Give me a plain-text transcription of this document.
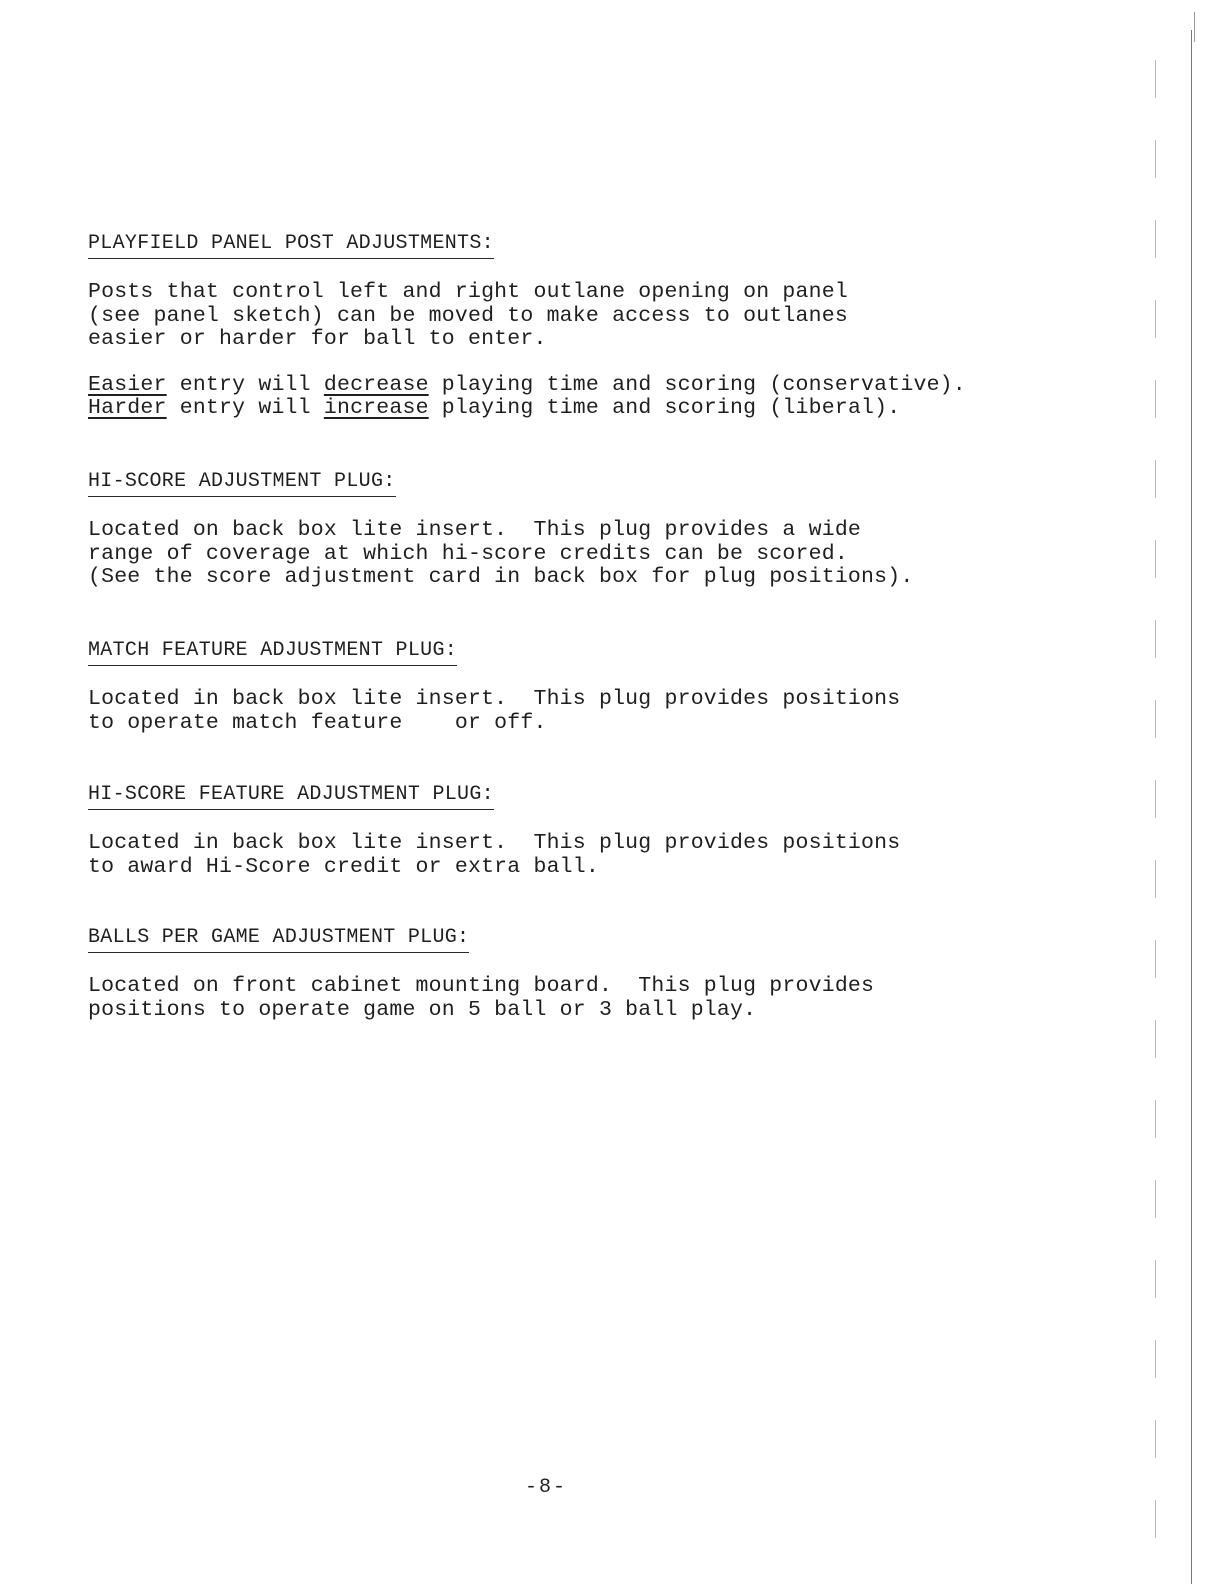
PLAYFIELD PANEL POST ADJUSTMENTS:
Posts that control left and right outlane opening on panel
(see panel sketch) can be moved to make access to outlanes
easier or harder for ball to enter.
Easier entry will decrease playing time and scoring (conservative).
Harder entry will increase playing time and scoring (liberal).
HI-SCORE ADJUSTMENT PLUG:
Located on back box lite insert.  This plug provides a wide
range of coverage at which hi-score credits can be scored.
(See the score adjustment card in back box for plug positions).
MATCH FEATURE ADJUSTMENT PLUG:
Located in back box lite insert.  This plug provides positions
to operate match feature    or off.
HI-SCORE FEATURE ADJUSTMENT PLUG:
Located in back box lite insert.  This plug provides positions
to award Hi-Score credit or extra ball.
BALLS PER GAME ADJUSTMENT PLUG:
Located on front cabinet mounting board.  This plug provides
positions to operate game on 5 ball or 3 ball play.
-8-
